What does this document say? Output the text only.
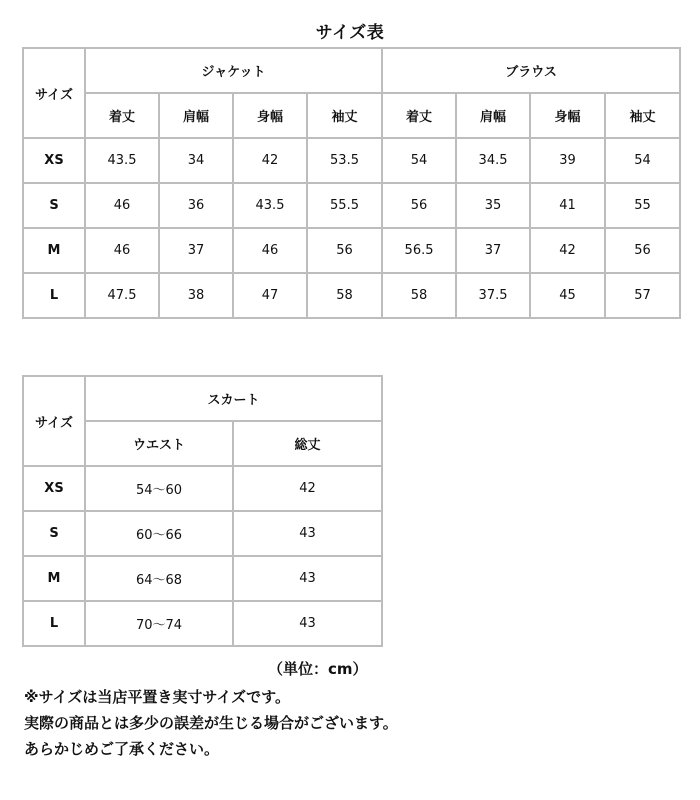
サイズ表
サイズ	ジャケット				ブラウス			
	着丈	肩幅	身幅	袖丈	着丈	肩幅	身幅	袖丈
XS	43.5	34	42	53.5	54	34.5	39	54
S	46	36	43.5	55.5	56	35	41	55
M	46	37	46	56	56.5	37	42	56
L	47.5	38	47	58	58	37.5	45	57
サイズ	スカート	
	ウエスト	総丈
XS	54〜60	42
S	60〜66	43
M	64〜68	43
L	70〜74	43
（単位：cm）
※サイズは当店平置き実寸サイズです。
実際の商品とは多少の誤差が生じる場合がございます。
あらかじめご了承ください。
